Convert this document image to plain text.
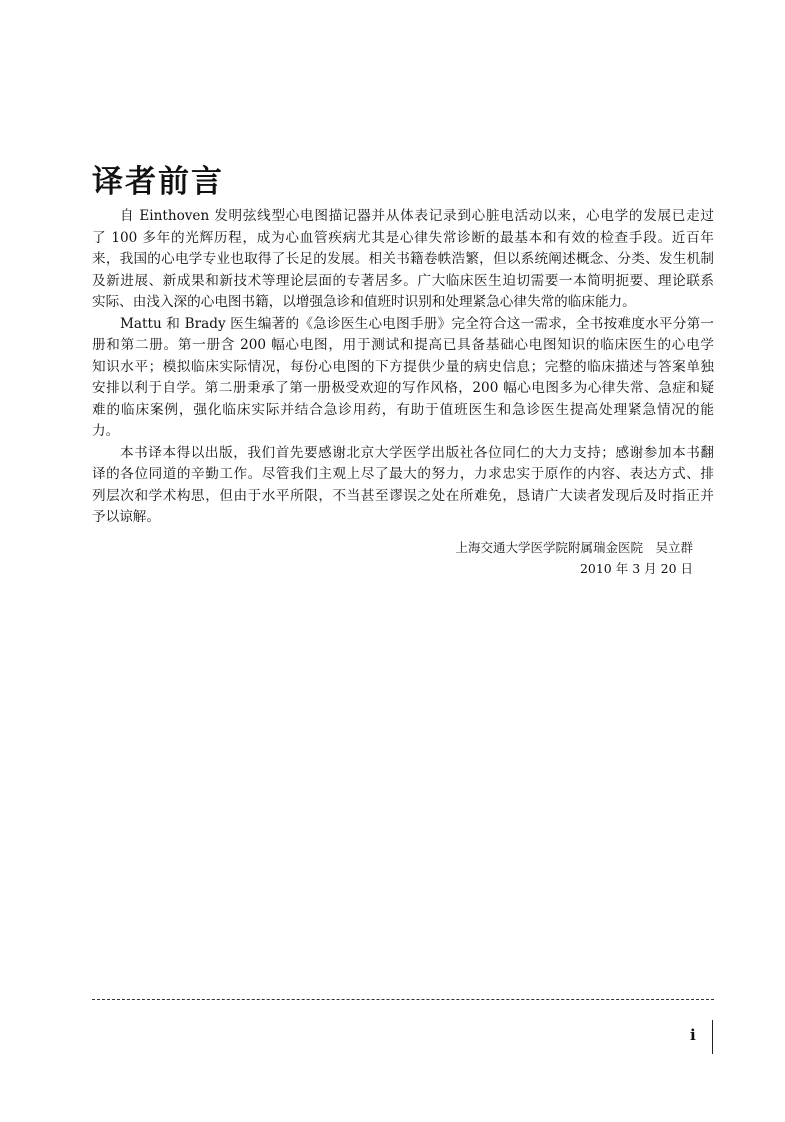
译者前言
自 Einthoven 发明弦线型心电图描记器并从体表记录到心脏电活动以来，心电学的发展已走过
了 100 多年的光辉历程，成为心血管疾病尤其是心律失常诊断的最基本和有效的检查手段。近百年
来，我国的心电学专业也取得了长足的发展。相关书籍卷帙浩繁，但以系统阐述概念、分类、发生机制
及新进展、新成果和新技术等理论层面的专著居多。广大临床医生迫切需要一本简明扼要、理论联系
实际、由浅入深的心电图书籍，以增强急诊和值班时识别和处理紧急心律失常的临床能力。
Mattu 和 Brady 医生编著的《急诊医生心电图手册》完全符合这一需求，全书按难度水平分第一
册和第二册。第一册含 200 幅心电图，用于测试和提高已具备基础心电图知识的临床医生的心电学
知识水平；模拟临床实际情况，每份心电图的下方提供少量的病史信息；完整的临床描述与答案单独
安排以利于自学。第二册秉承了第一册极受欢迎的写作风格，200 幅心电图多为心律失常、急症和疑
难的临床案例，强化临床实际并结合急诊用药，有助于值班医生和急诊医生提高处理紧急情况的能
力。
本书译本得以出版，我们首先要感谢北京大学医学出版社各位同仁的大力支持；感谢参加本书翻
译的各位同道的辛勤工作。尽管我们主观上尽了最大的努力，力求忠实于原作的内容、表达方式、排
列层次和学术构思，但由于水平所限，不当甚至谬误之处在所难免，恳请广大读者发现后及时指正并
予以谅解。
上海交通大学医学院附属瑞金医院　吴立群
2010 年 3 月 20 日
i
